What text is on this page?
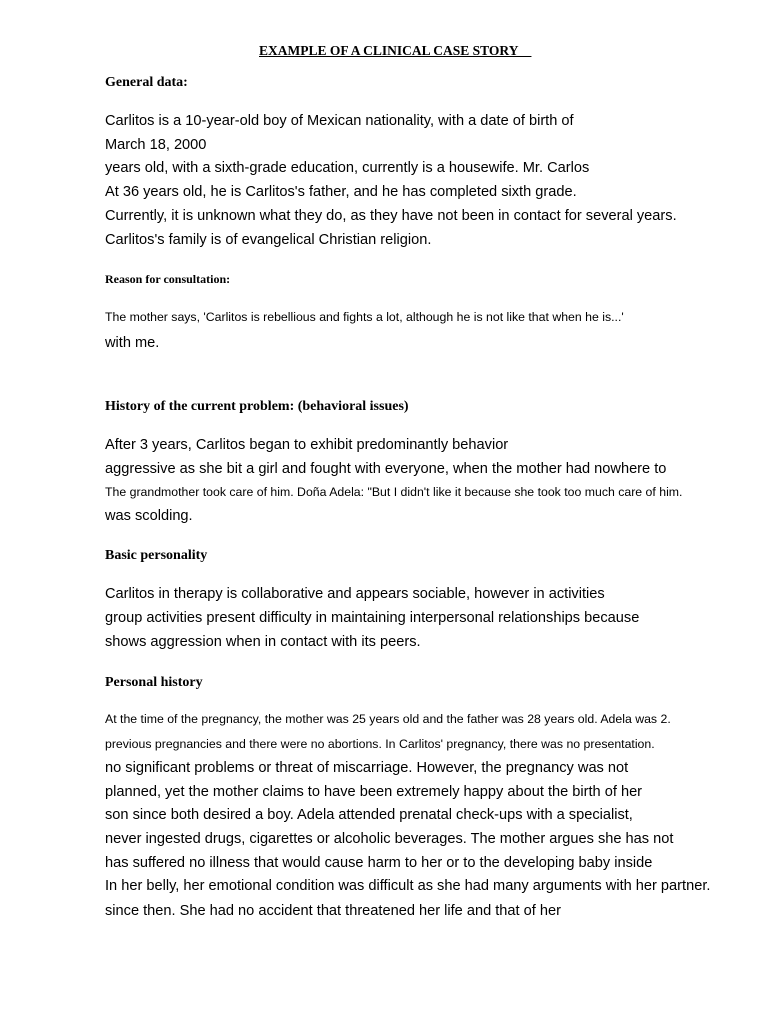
EXAMPLE OF A CLINICAL CASE STORY
General data:
Carlitos is a 10-year-old boy of Mexican nationality, with a date of birth of
March 18, 2000
years old, with a sixth-grade education, currently is a housewife. Mr. Carlos
At 36 years old, he is Carlitos's father, and he has completed sixth grade.
Currently, it is unknown what they do, as they have not been in contact for several years.
Carlitos's family is of evangelical Christian religion.
Reason for consultation:
The mother says, 'Carlitos is rebellious and fights a lot, although he is not like that when he is...'
with me.
History of the current problem: (behavioral issues)
After 3 years, Carlitos began to exhibit predominantly behavior
aggressive as she bit a girl and fought with everyone, when the mother had nowhere to
The grandmother took care of him. Doña Adela: "But I didn't like it because she took too much care of him.
was scolding.
Basic personality
Carlitos in therapy is collaborative and appears sociable, however in activities
group activities present difficulty in maintaining interpersonal relationships because
shows aggression when in contact with its peers.
Personal history
At the time of the pregnancy, the mother was 25 years old and the father was 28 years old. Adela was 2.
previous pregnancies and there were no abortions. In Carlitos' pregnancy, there was no presentation.
no significant problems or threat of miscarriage. However, the pregnancy was not
planned, yet the mother claims to have been extremely happy about the birth of her
son since both desired a boy. Adela attended prenatal check-ups with a specialist,
never ingested drugs, cigarettes or alcoholic beverages. The mother argues she has not
has suffered no illness that would cause harm to her or to the developing baby inside
In her belly, her emotional condition was difficult as she had many arguments with her partner.
since then. She had no accident that threatened her life and that of her
